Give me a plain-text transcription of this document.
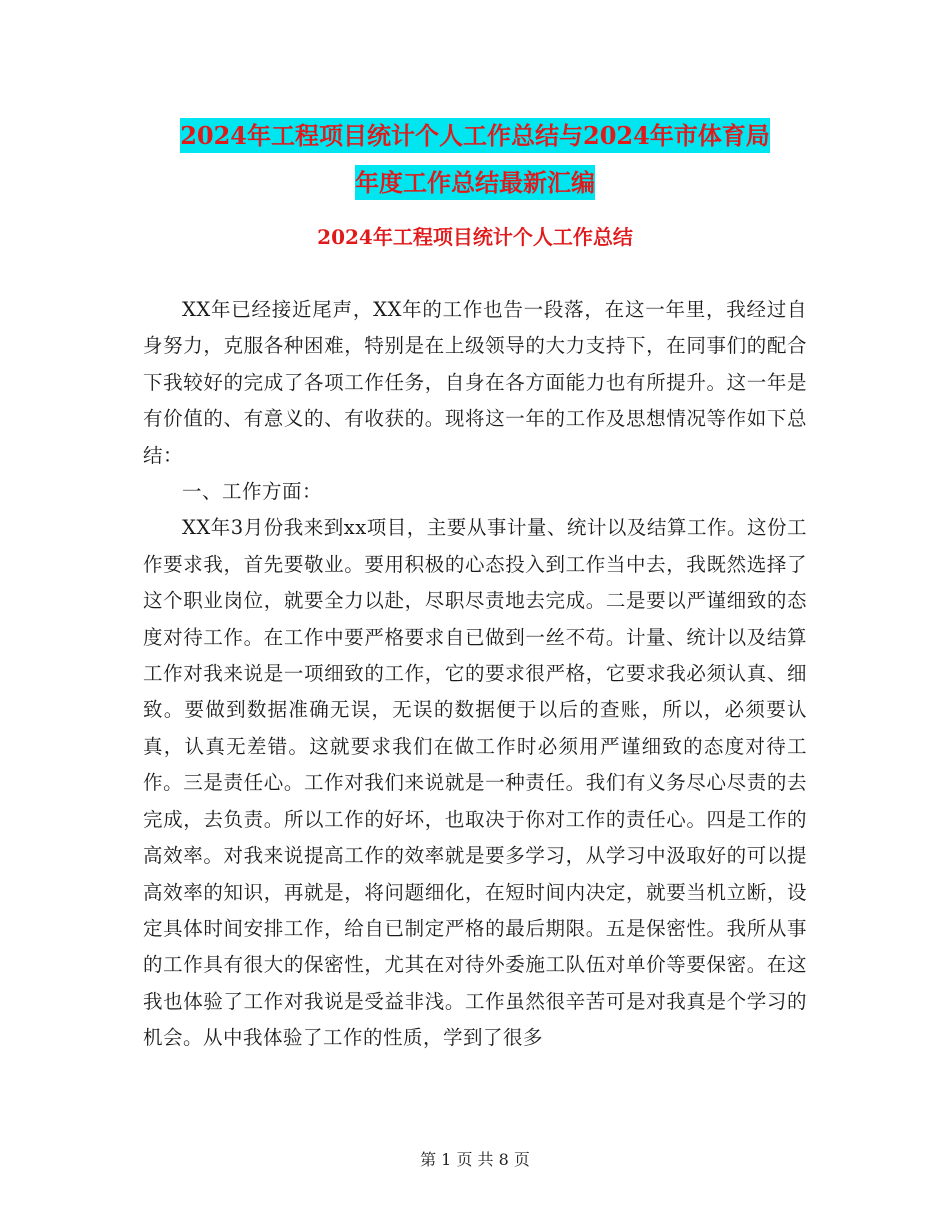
2024年工程项目统计个人工作总结与2024年市体育局
年度工作总结最新汇编
2024年工程项目统计个人工作总结

XX年已经接近尾声，XX年的工作也告一段落，在这一年里，我经过自身努力，克服各种困难，特别是在上级领导的大力支持下，在同事们的配合下我较好的完成了各项工作任务，自身在各方面能力也有所提升。这一年是有价值的、有意义的、有收获的。现将这一年的工作及思想情况等作如下总结：

一、工作方面：

XX年3月份我来到xx项目，主要从事计量、统计以及结算工作。这份工作要求我，首先要敬业。要用积极的心态投入到工作当中去，我既然选择了这个职业岗位，就要全力以赴，尽职尽责地去完成。二是要以严谨细致的态度对待工作。在工作中要严格要求自已做到一丝不苟。计量、统计以及结算工作对我来说是一项细致的工作，它的要求很严格，它要求我必须认真、细致。要做到数据准确无误，无误的数据便于以后的查账，所以，必须要认真，认真无差错。这就要求我们在做工作时必须用严谨细致的态度对待工作。三是责任心。工作对我们来说就是一种责任。我们有义务尽心尽责的去完成，去负责。所以工作的好坏，也取决于你对工作的责任心。四是工作的高效率。对我来说提高工作的效率就是要多学习，从学习中汲取好的可以提高效率的知识，再就是，将问题细化，在短时间内决定，就要当机立断，设定具体时间安排工作，给自已制定严格的最后期限。五是保密性。我所从事的工作具有很大的保密性，尤其在对待外委施工队伍对单价等要保密。在这我也体验了工作对我说是受益非浅。工作虽然很辛苦可是对我真是个学习的机会。从中我体验了工作的性质，学到了很多

第 1 页 共 8 页
